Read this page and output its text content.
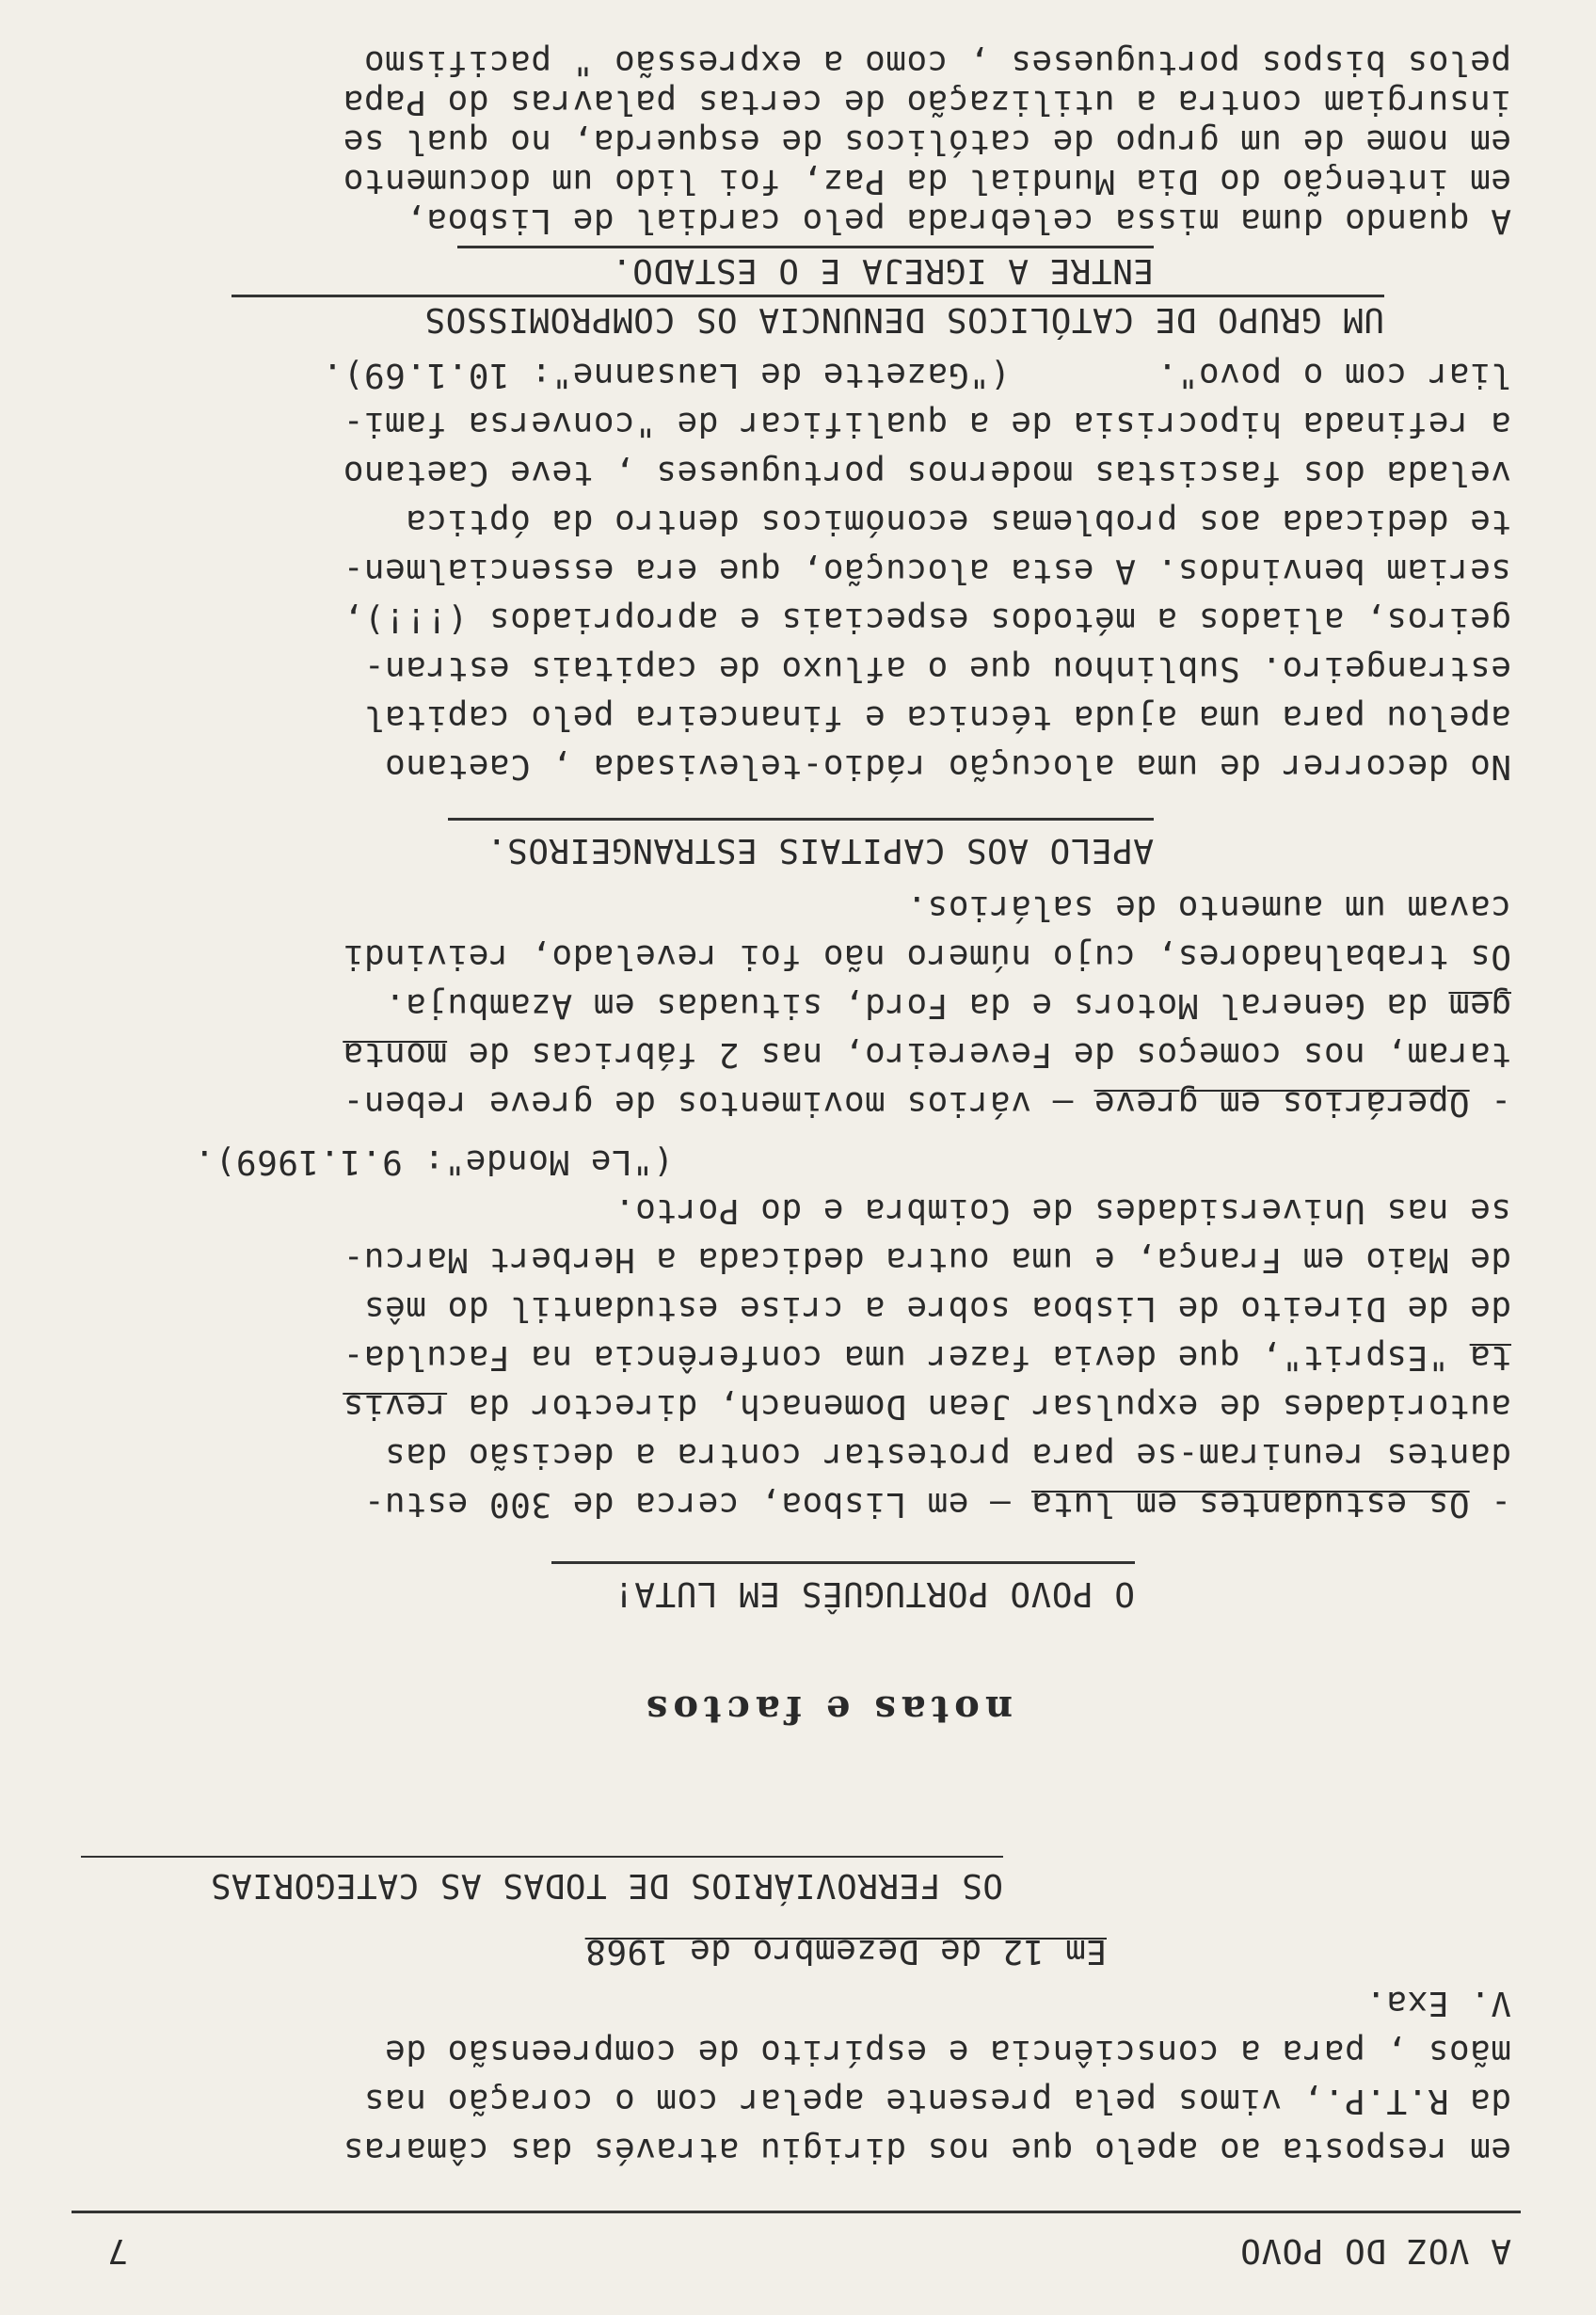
A VOZ DO POVO
7
em resposta ao apelo que nos dirigiu através das câmaras
da R.T.P., vimos pela presente apelar com o coração nas
mãos , para a consciência e espírito de compreensão de
V. Exa.
Em 12 de Dezembro de 1968
OS FERROVIÁRIOS DE TODAS AS CATEGORIAS
notas e factos
O POVO PORTUGUÊS EM LUTA!
- Os estudantes em luta — em Lisboa, cerca de 300 estu-
dantes reuniram-se para protestar contra a decisão das
autoridades de expulsar Jean Domenach, director da revis
ta "Esprit", que devia fazer uma conferência na Faculda-
de de Direito de Lisboa sobre a crise estudantil do mês
de Maio em França, e uma outra dedicada a Herbert Marcu-
se nas Universidades de Coimbra e do Porto.
("Le Monde": 9.1.1969).
- Operários em greve — vários movimentos de greve reben-
taram, nos começos de Fevereiro, nas 2 fábricas de monta
gem da General Motors e da Ford, situadas em Azambuja.
Os trabalhadores, cujo número não foi revelado, reivindi
cavam um aumento de salários.
APELO AOS CAPITAIS ESTRANGEIROS.
No decorrer de uma alocução rádio-televisada , Caetano
apelou para uma ajuda técnica e financeira pelo capital
estrangeiro. Sublinhou que o afluxo de capitais estran-
geiros, aliados a métodos especiais e apropriados (!!!),
seriam benvindos. A esta alocução, que era essencialmen-
te dedicada aos problemas económicos dentro da óptica
velada dos fascistas modernos portugueses , teve Caetano
a refinada hipocrisia de a qualificar de "conversa fami-
liar com o povo".       ("Gazette de Lausanne": 10.1.69).
UM GRUPO DE CATÓLICOS DENUNCIA OS COMPROMISSOS
ENTRE A IGREJA E O ESTADO.
A quando duma missa celebrada pelo cardial de Lisboa,
em intenção do Dia Mundial da Paz, foi lido um documento
em nome de um grupo de católicos de esquerda, no qual se
insurgiam contra a utilização de certas palavras do Papa
pelos bispos portugueses , como a expressão " pacifismo
